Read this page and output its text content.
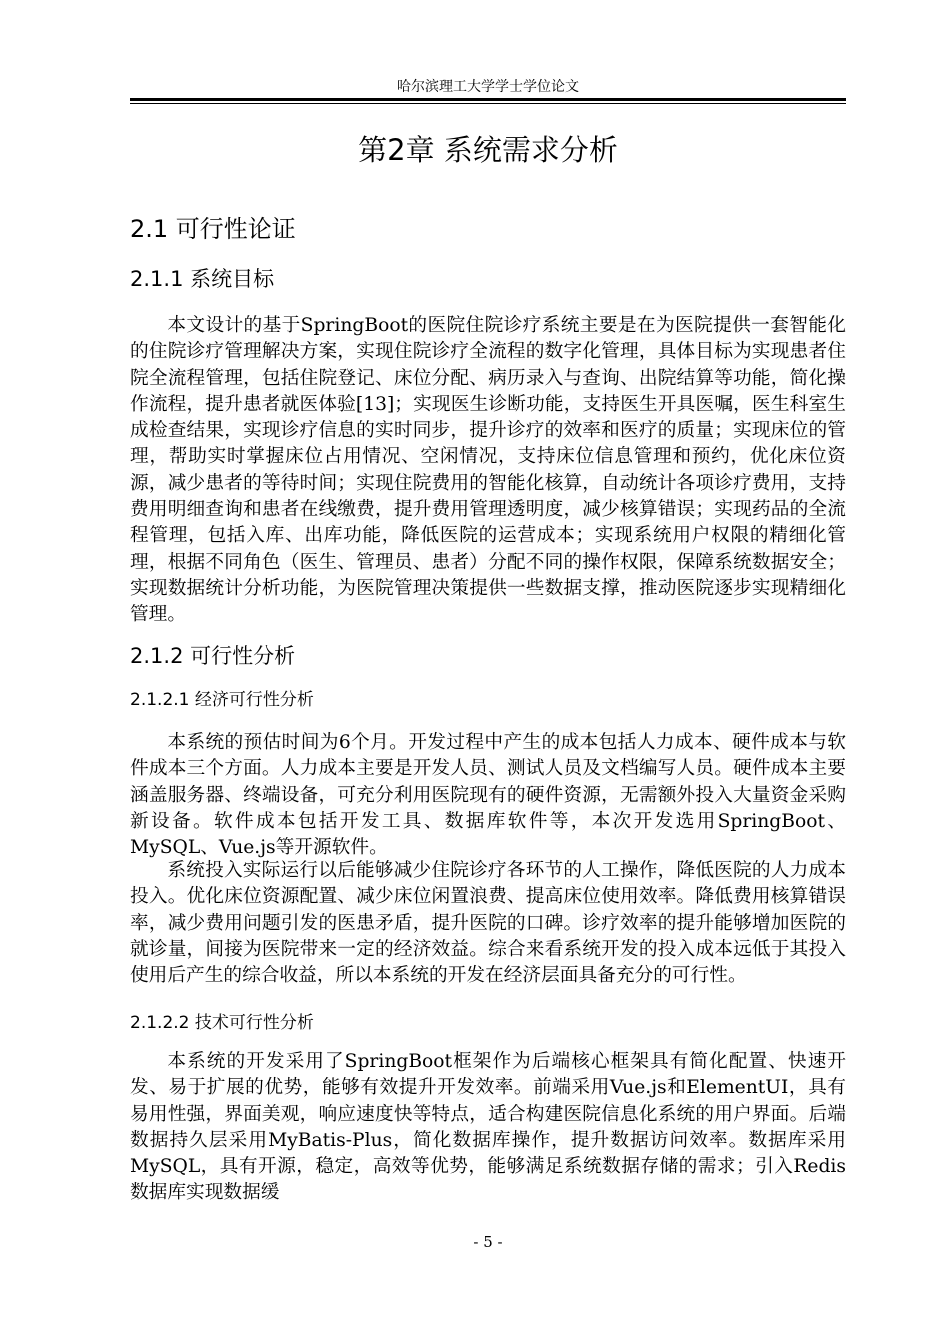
哈尔滨理工大学学士学位论文
第2章 系统需求分析
2.1 可行性论证
2.1.1 系统目标

本文设计的基于SpringBoot的医院住院诊疗系统主要是在为医院提供一套智能化的住院诊疗管理解决方案，实现住院诊疗全流程的数字化管理，具体目标为实现患者住院全流程管理，包括住院登记、床位分配、病历录入与查询、出院结算等功能，简化操作流程，提升患者就医体验[13]；实现医生诊断功能，支持医生开具医嘱，医生科室生成检查结果，实现诊疗信息的实时同步，提升诊疗的效率和医疗的质量；实现床位的管理，帮助实时掌握床位占用情况、空闲情况，支持床位信息管理和预约，优化床位资源，减少患者的等待时间；实现住院费用的智能化核算，自动统计各项诊疗费用，支持费用明细查询和患者在线缴费，提升费用管理透明度，减少核算错误；实现药品的全流程管理，包括入库、出库功能，降低医院的运营成本；实现系统用户权限的精细化管理，根据不同角色（医生、管理员、患者）分配不同的操作权限，保障系统数据安全；实现数据统计分析功能，为医院管理决策提供一些数据支撑，推动医院逐步实现精细化管理。

2.1.2 可行性分析
2.1.2.1 经济可行性分析

本系统的预估时间为6个月。开发过程中产生的成本包括人力成本、硬件成本与软件成本三个方面。人力成本主要是开发人员、测试人员及文档编写人员。硬件成本主要涵盖服务器、终端设备，可充分利用医院现有的硬件资源，无需额外投入大量资金采购新设备。软件成本包括开发工具、数据库软件等，本次开发选用SpringBoot、MySQL、Vue.js等开源软件。

系统投入实际运行以后能够减少住院诊疗各环节的人工操作，降低医院的人力成本投入。优化床位资源配置、减少床位闲置浪费、提高床位使用效率。降低费用核算错误率，减少费用问题引发的医患矛盾，提升医院的口碑。诊疗效率的提升能够增加医院的就诊量，间接为医院带来一定的经济效益。综合来看系统开发的投入成本远低于其投入使用后产生的综合收益，所以本系统的开发在经济层面具备充分的可行性。

2.1.2.2 技术可行性分析

本系统的开发采用了SpringBoot框架作为后端核心框架具有简化配置、快速开发、易于扩展的优势，能够有效提升开发效率。前端采用Vue.js和ElementUI，具有易用性强，界面美观，响应速度快等特点，适合构建医院信息化系统的用户界面。后端数据持久层采用MyBatis-Plus，简化数据库操作，提升数据访问效率。数据库采用MySQL，具有开源，稳定，高效等优势，能够满足系统数据存储的需求；引入Redis数据库实现数据缓

- 5 -
